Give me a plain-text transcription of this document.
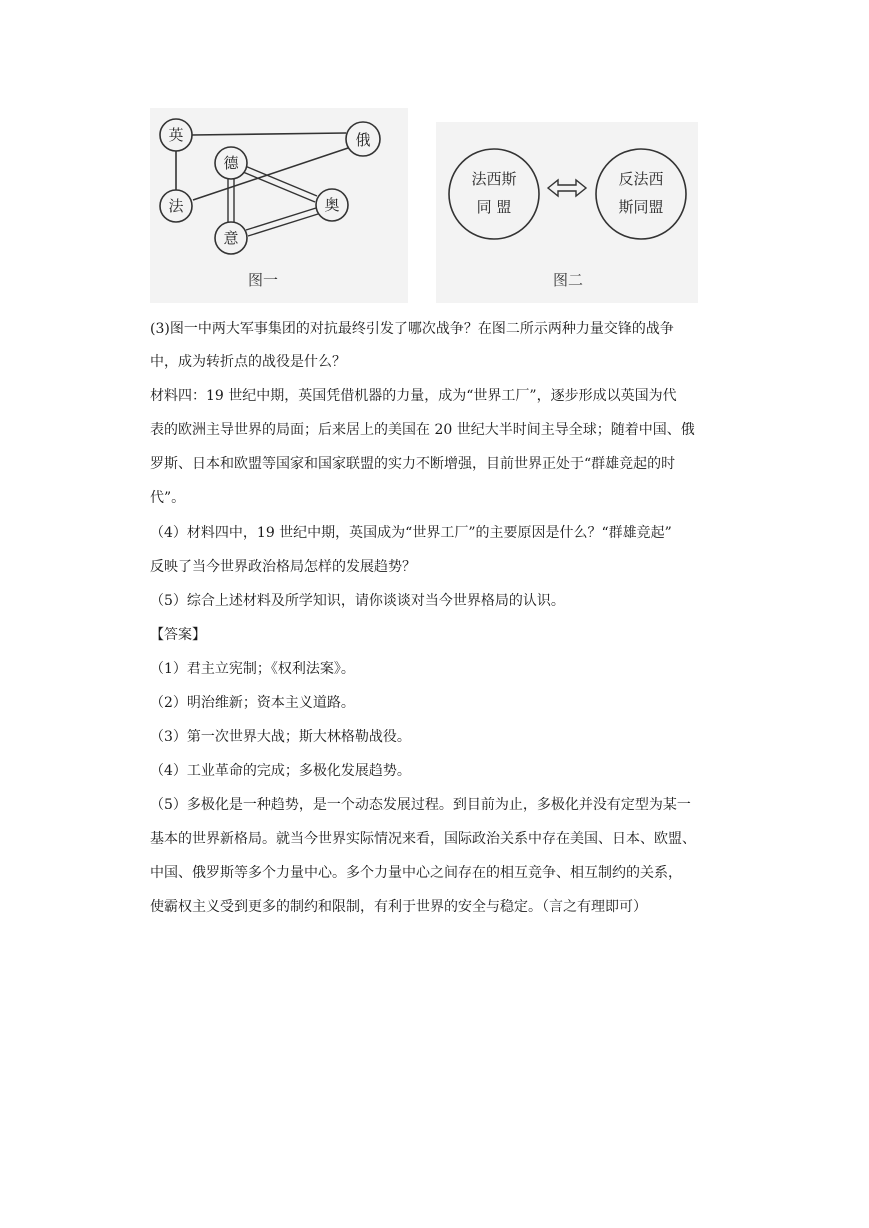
英	俄
德
法	奥
意
图一
法西斯
同 盟
反法西
斯同盟
图二
(3)图一中两大军事集团的对抗最终引发了哪次战争？在图二所示两种力量交锋的战争
中，成为转折点的战役是什么？
材料四：19 世纪中期，英国凭借机器的力量，成为“世界工厂”，逐步形成以英国为代
表的欧洲主导世界的局面；后来居上的美国在 20 世纪大半时间主导全球；随着中国、俄
罗斯、日本和欧盟等国家和国家联盟的实力不断增强，目前世界正处于“群雄竞起的时
代”。
（4）材料四中，19 世纪中期，英国成为“世界工厂”的主要原因是什么？“群雄竞起”
反映了当今世界政治格局怎样的发展趋势？
（5）综合上述材料及所学知识，请你谈谈对当今世界格局的认识。
【答案】
（1）君主立宪制；《权利法案》。
（2）明治维新；资本主义道路。
（3）第一次世界大战；斯大林格勒战役。
（4）工业革命的完成；多极化发展趋势。
（5）多极化是一种趋势，是一个动态发展过程。到目前为止，多极化并没有定型为某一
基本的世界新格局。就当今世界实际情况来看，国际政治关系中存在美国、日本、欧盟、
中国、俄罗斯等多个力量中心。多个力量中心之间存在的相互竞争、相互制约的关系，
使霸权主义受到更多的制约和限制，有利于世界的安全与稳定。（言之有理即可）
